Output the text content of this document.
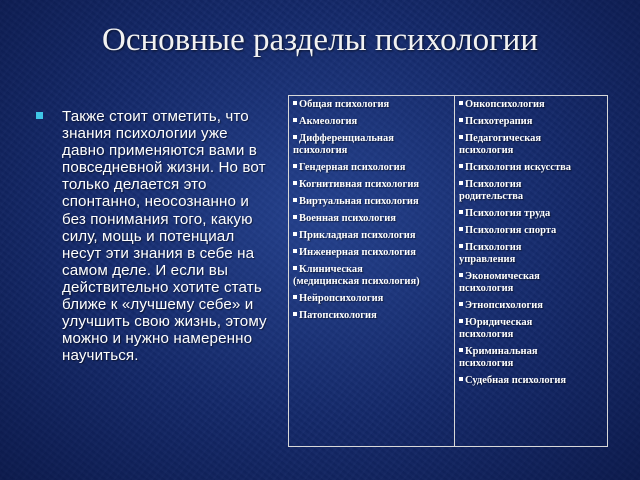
Основные разделы психологии

Также стоит отметить, что знания психологии уже давно применяются вами в повседневной жизни. Но вот только делается это спонтанно, неосознанно и без понимания того, какую силу, мощь и потенциал несут эти знания в себе на самом деле. И если вы действительно хотите стать ближе к «лучшему себе» и улучшить свою жизнь, этому можно и нужно намеренно научиться.

Общая психология

Акмеология

Дифференциальная
психология

Гендерная психология

Когнитивная психология

Виртуальная психология

Военная психология

Прикладная психология

Инженерная психология

Клиническая
(медицинская психология)

Нейропсихология

Патопсихология

Онкопсихология

Психотерапия

Педагогическая
психология

Психология искусства

Психология
родительства

Психология труда

Психология спорта

Психология
управления

Экономическая
психология

Этнопсихология

Юридическая
психология

Криминальная
психология

Судебная психология
